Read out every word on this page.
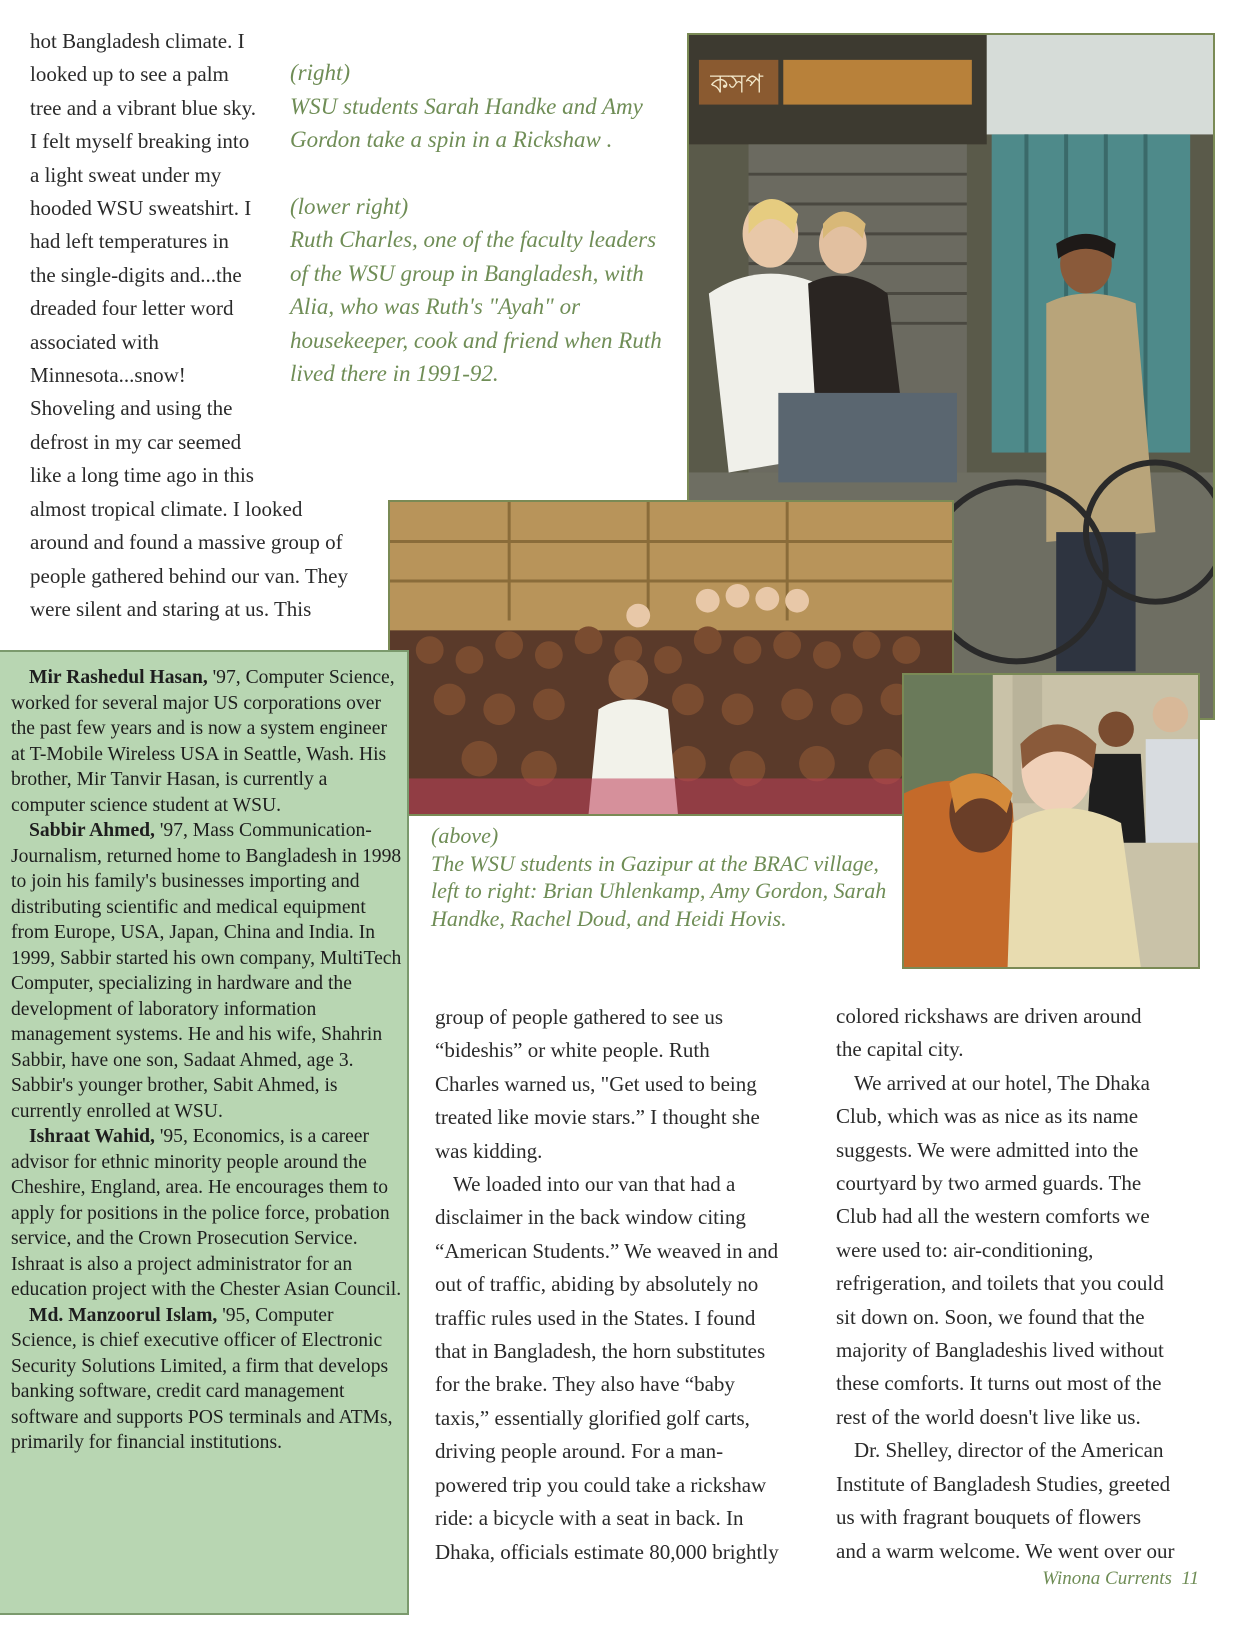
hot Bangladesh climate. I
looked up to see a palm
tree and a vibrant blue sky.
I felt myself breaking into
a light sweat under my
hooded WSU sweatshirt. I
had left temperatures in
the single-digits and...the
dreaded four letter word
associated with
Minnesota...snow!
Shoveling and using the
defrost in my car seemed
like a long time ago in this
almost tropical climate. I looked
around and found a massive group of
people gathered behind our van. They
were silent and staring at us. This

(right)

WSU students Sarah Handke and Amy Gordon take a spin in a Rickshaw .

(lower right)

Ruth Charles, one of the faculty leaders of the WSU group in Bangladesh, with Alia, who was Ruth's "Ayah" or housekeeper, cook and friend when Ruth lived there in 1991-92.

কসপ

(above)

The WSU students in Gazipur at the BRAC village, left to right: Brian Uhlenkamp, Amy Gordon, Sarah Handke, Rachel Doud, and Heidi Hovis.

Mir Rashedul Hasan, '97, Computer Science, worked for several major US corporations over the past few years and is now a system engineer at T-Mobile Wireless USA in Seattle, Wash. His brother, Mir Tanvir Hasan, is currently a computer science student at WSU.

Sabbir Ahmed, '97, Mass Communication-Journalism, returned home to Bangladesh in 1998 to join his family's businesses importing and distributing scientific and medical equipment from Europe, USA, Japan, China and India. In 1999, Sabbir started his own company, MultiTech Computer, specializing in hardware and the development of laboratory information management systems. He and his wife, Shahrin Sabbir, have one son, Sadaat Ahmed, age 3. Sabbir's younger brother, Sabit Ahmed, is currently enrolled at WSU.

Ishraat Wahid, '95, Economics, is a career advisor for ethnic minority people around the Cheshire, England, area. He encourages them to apply for positions in the police force, probation service, and the Crown Prosecution Service. Ishraat is also a project administrator for an education project with the Chester Asian Council.

Md. Manzoorul Islam, '95, Computer Science, is chief executive officer of Electronic Security Solutions Limited, a firm that develops banking software, credit card management software and supports POS terminals and ATMs, primarily for financial institutions.

group of people gathered to see us
“bideshis” or white people. Ruth
Charles warned us, "Get used to being
treated like movie stars.” I thought she
was kidding.
We loaded into our van that had a
disclaimer in the back window citing
“American Students.” We weaved in and
out of traffic, abiding by absolutely no
traffic rules used in the States. I found
that in Bangladesh, the horn substitutes
for the brake. They also have “baby
taxis,” essentially glorified golf carts,
driving people around. For a man-
powered trip you could take a rickshaw
ride: a bicycle with a seat in back. In
Dhaka, officials estimate 80,000 brightly
colored rickshaws are driven around
the capital city.
We arrived at our hotel, The Dhaka
Club, which was as nice as its name
suggests. We were admitted into the
courtyard by two armed guards. The
Club had all the western comforts we
were used to: air-conditioning,
refrigeration, and toilets that you could
sit down on. Soon, we found that the
majority of Bangladeshis lived without
these comforts. It turns out most of the
rest of the world doesn't live like us.
Dr. Shelley, director of the American
Institute of Bangladesh Studies, greeted
us with fragrant bouquets of flowers
and a warm welcome. We went over our
Winona Currents 11
